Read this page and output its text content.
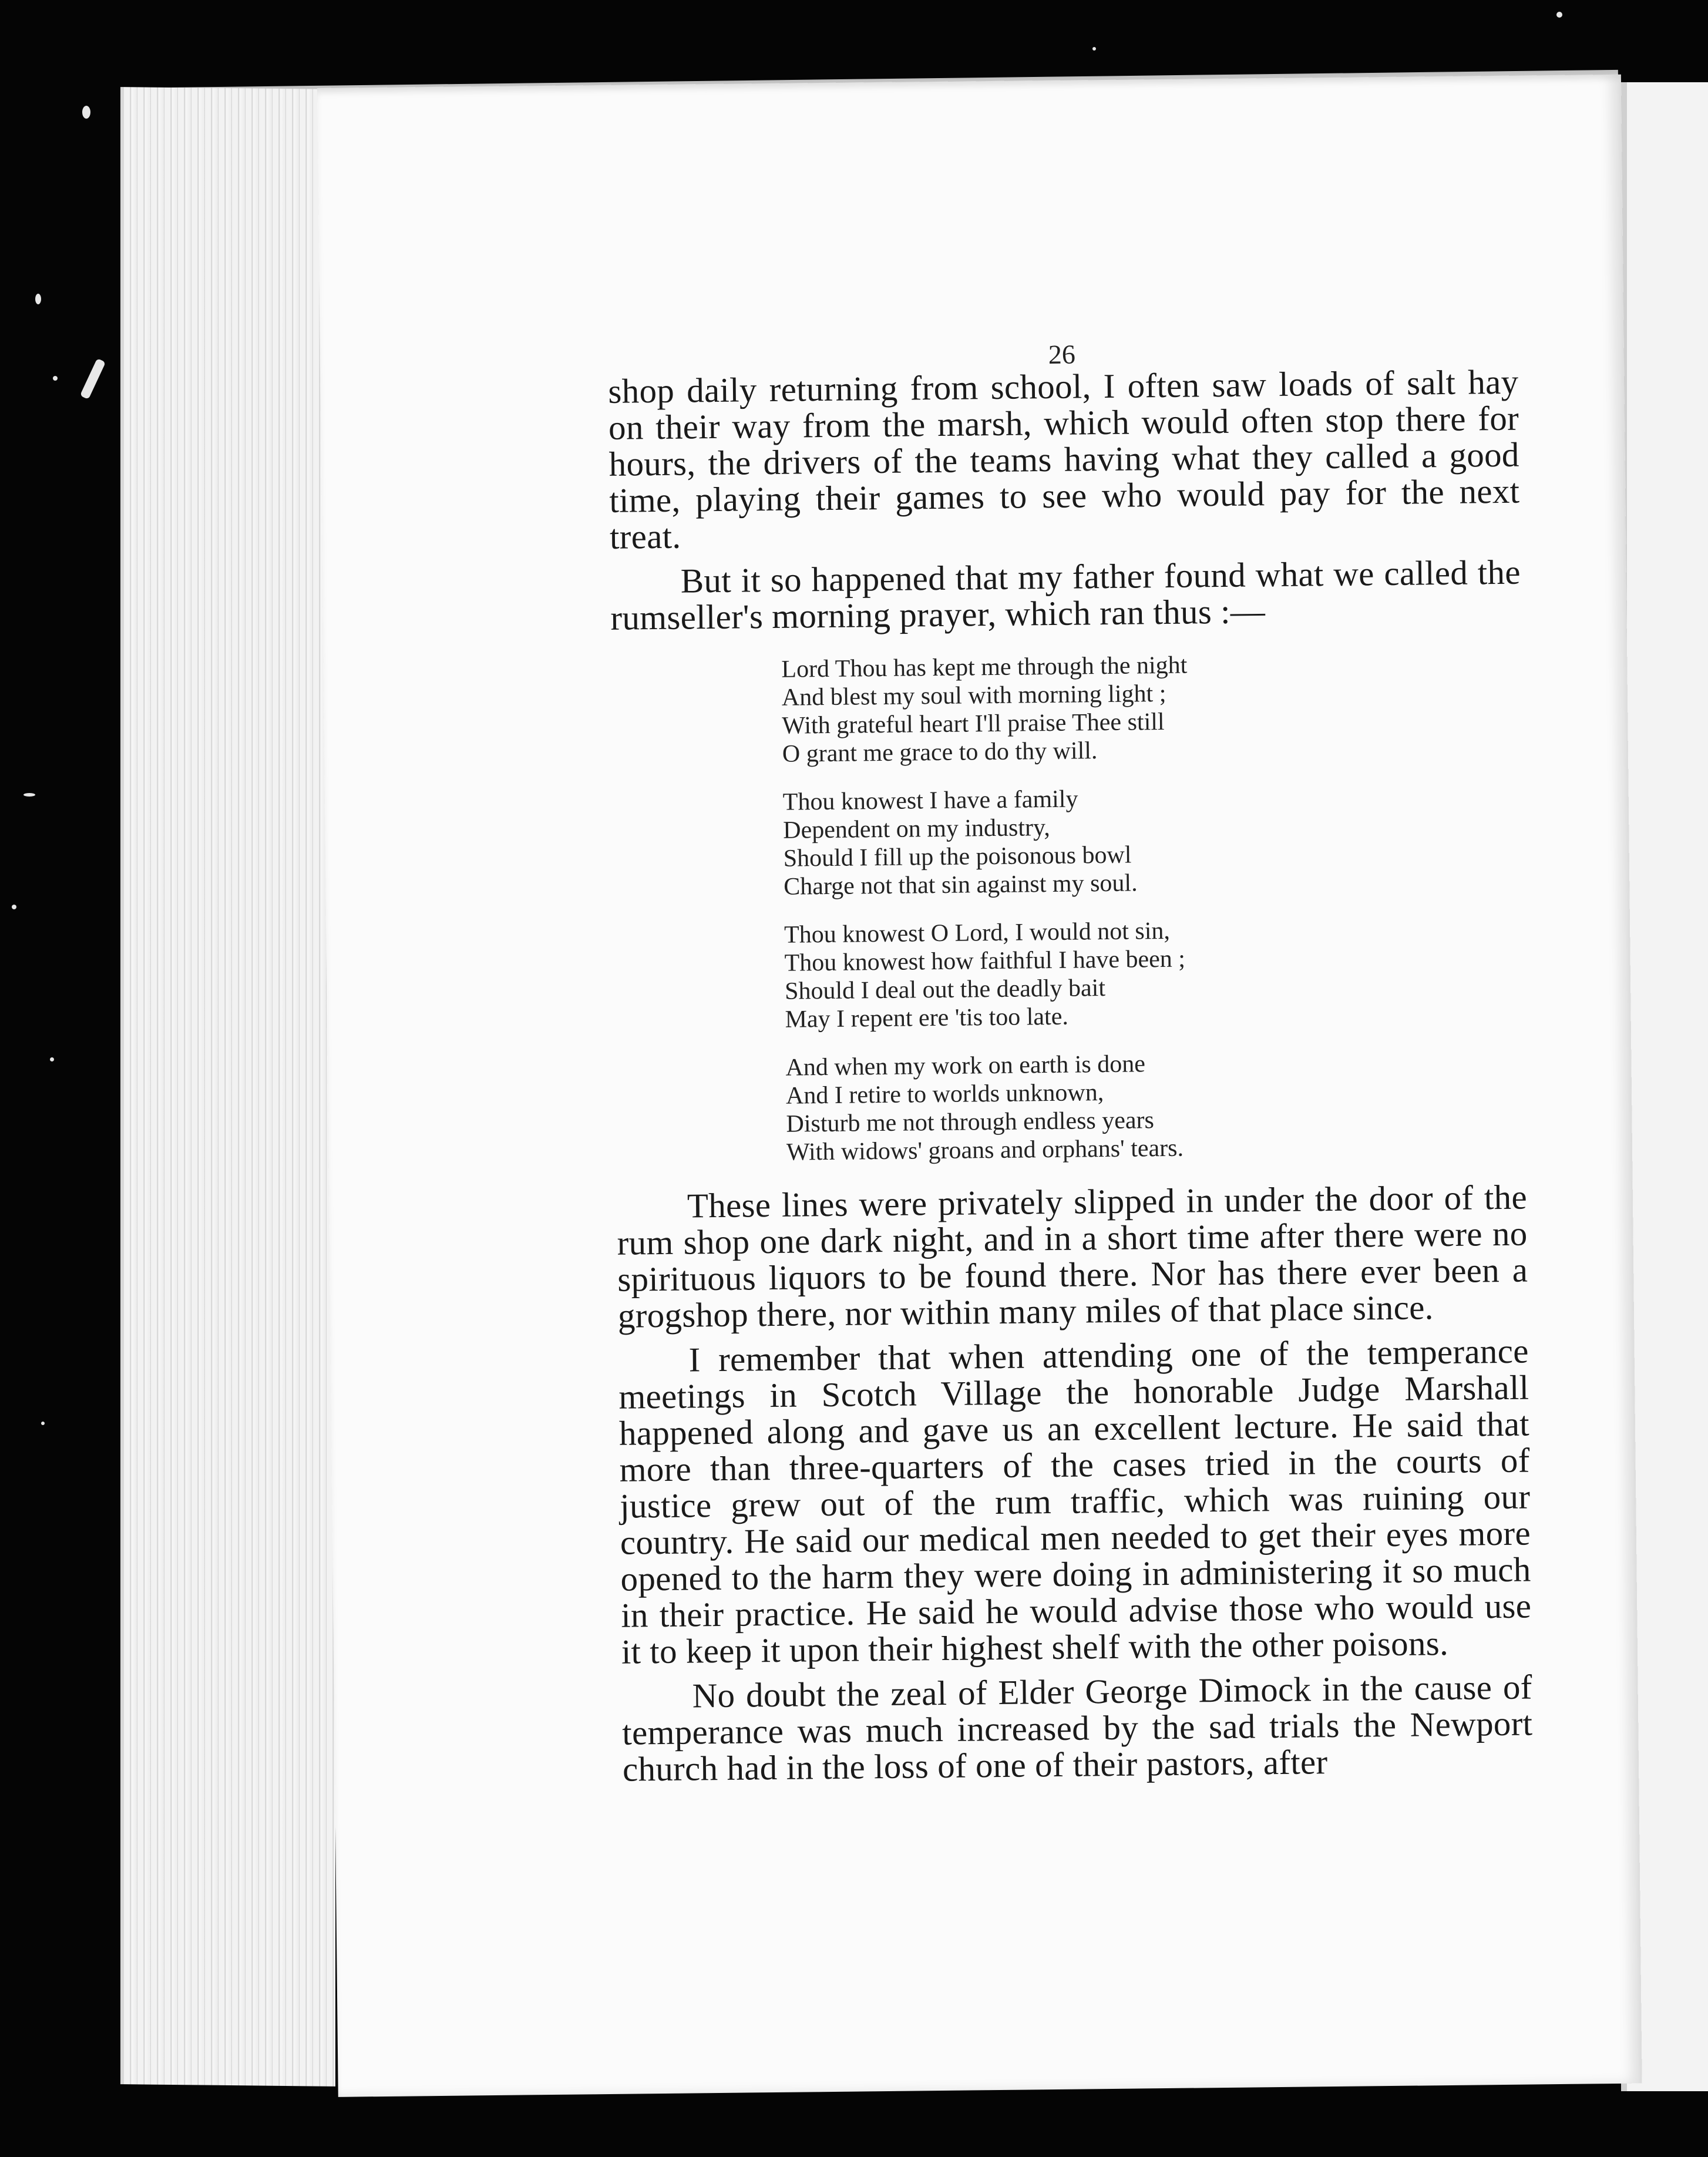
26

shop daily returning from school, I often saw loads of salt hay on their way from the marsh, which would often stop there for hours, the drivers of the teams having what they called a good time, playing their games to see who would pay for the next treat.

But it so happened that my father found what we called the rumseller's morning prayer, which ran thus :—

Lord Thou has kept me through the night
And blest my soul with morning light ;
With grateful heart I'll praise Thee still
O grant me grace to do thy will.
Thou knowest I have a family
Dependent on my industry,
Should I fill up the poisonous bowl
Charge not that sin against my soul.
Thou knowest O Lord, I would not sin,
Thou knowest how faithful I have been ;
Should I deal out the deadly bait
May I repent ere 'tis too late.
And when my work on earth is done
And I retire to worlds unknown,
Disturb me not through endless years
With widows' groans and orphans' tears.

These lines were privately slipped in under the door of the rum shop one dark night, and in a short time after there were no spirituous liquors to be found there. Nor has there ever been a grogshop there, nor within many miles of that place since.

I remember that when attending one of the temperance meetings in Scotch Village the honorable Judge Marshall happened along and gave us an excellent lecture. He said that more than three-quarters of the cases tried in the courts of justice grew out of the rum traffic, which was ruining our country. He said our medical men needed to get their eyes more opened to the harm they were doing in administering it so much in their practice. He said he would advise those who would use it to keep it upon their highest shelf with the other poisons.

No doubt the zeal of Elder George Dimock in the cause of temperance was much increased by the sad trials the Newport church had in the loss of one of their pastors, after
